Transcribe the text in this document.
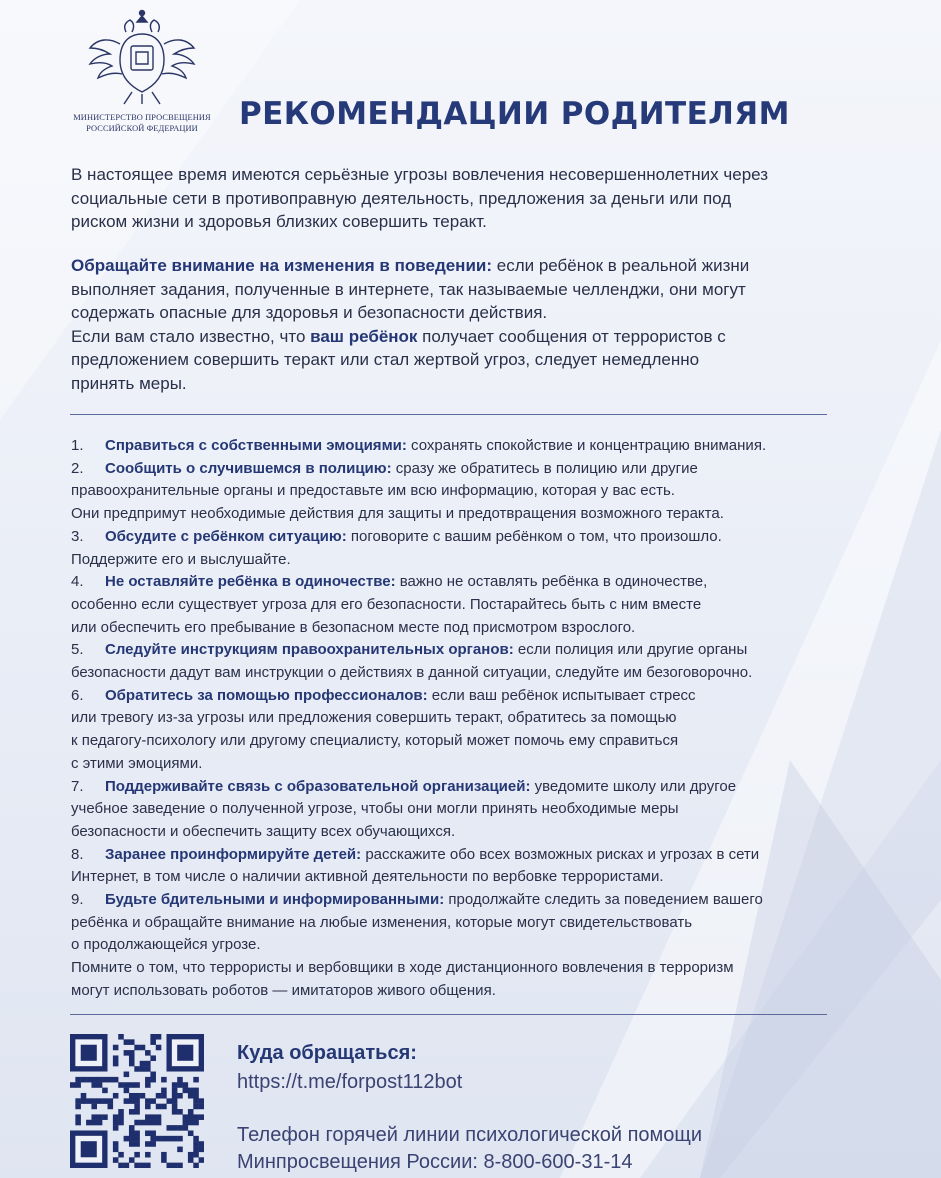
МИНИСТЕРСТВО ПРОСВЕЩЕНИЯ
РОССИЙСКОЙ ФЕДЕРАЦИИ	РЕКОМЕНДАЦИИ РОДИТЕЛЯМ
В настоящее время имеются серьёзные угрозы вовлечения несовершеннолетних через
социальные сети в противоправную деятельность, предложения за деньги или под
риском жизни и здоровья близких совершить теракт.
Обращайте внимание на изменения в поведении: если ребёнок в реальной жизни
выполняет задания, полученные в интернете, так называемые челленджи, они могут
содержать опасные для здоровья и безопасности действия.
Если вам стало известно, что ваш ребёнок получает сообщения от террористов с
предложением совершить теракт или стал жертвой угроз, следует немедленно
принять меры.
1. Справиться с собственными эмоциями: сохранять спокойствие и концентрацию внимания.
2. Сообщить о случившемся в полицию: сразу же обратитесь в полицию или другие
правоохранительные органы и предоставьте им всю информацию, которая у вас есть.
Они предпримут необходимые действия для защиты и предотвращения возможного теракта.
3. Обсудите с ребёнком ситуацию: поговорите с вашим ребёнком о том, что произошло.
Поддержите его и выслушайте.
4. Не оставляйте ребёнка в одиночестве: важно не оставлять ребёнка в одиночестве,
особенно если существует угроза для его безопасности. Постарайтесь быть с ним вместе
или обеспечить его пребывание в безопасном месте под присмотром взрослого.
5. Следуйте инструкциям правоохранительных органов: если полиция или другие органы
безопасности дадут вам инструкции о действиях в данной ситуации, следуйте им безоговорочно.
6. Обратитесь за помощью профессионалов: если ваш ребёнок испытывает стресс
или тревогу из-за угрозы или предложения совершить теракт, обратитесь за помощью
к педагогу-психологу или другому специалисту, который может помочь ему справиться
с этими эмоциями.
7. Поддерживайте связь с образовательной организацией: уведомите школу или другое
учебное заведение о полученной угрозе, чтобы они могли принять необходимые меры
безопасности и обеспечить защиту всех обучающихся.
8. Заранее проинформируйте детей: расскажите обо всех возможных рисках и угрозах в сети
Интернет, в том числе о наличии активной деятельности по вербовке террористами.
9. Будьте бдительными и информированными: продолжайте следить за поведением вашего
ребёнка и обращайте внимание на любые изменения, которые могут свидетельствовать
о продолжающейся угрозе.
Помните о том, что террористы и вербовщики в ходе дистанционного вовлечения в терроризм
могут использовать роботов — имитаторов живого общения.
Куда обращаться:
https://t.me/forpost112bot
Телефон горячей линии психологической помощи
Минпросвещения России: 8-800-600-31-14
